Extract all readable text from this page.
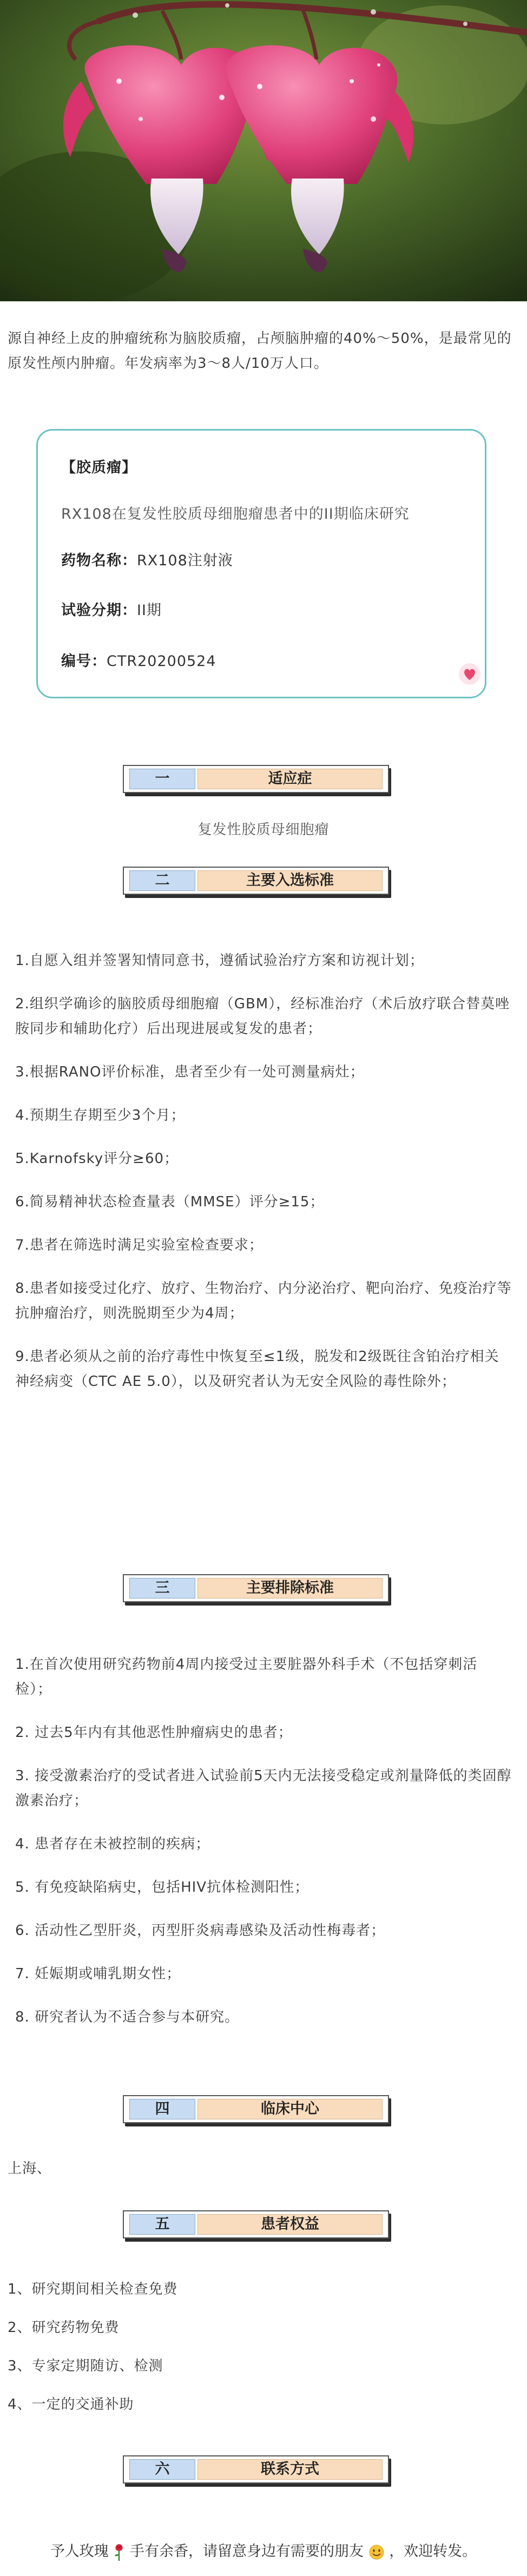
源自神经上皮的肿瘤统称为脑胶质瘤，占颅脑肿瘤的40%～50%，是最常见的原发性颅内肿瘤。年发病率为3～8人/10万人口。

【胶质瘤】
RX108在复发性胶质母细胞瘤患者中的II期临床研究
药物名称：RX108注射液
试验分期：II期
编号：CTR20200524
一	适应症
复发性胶质母细胞瘤
二	主要入选标准

1.自愿入组并签署知情同意书，遵循试验治疗方案和访视计划；

2.组织学确诊的脑胶质母细胞瘤（GBM），经标准治疗（术后放疗联合替莫唑胺同步和辅助化疗）后出现进展或复发的患者；

3.根据RANO评价标准，患者至少有一处可测量病灶；

4.预期生存期至少3个月；

5.Karnofsky评分≥60；

6.简易精神状态检查量表（MMSE）评分≥15；

7.患者在筛选时满足实验室检查要求；

8.患者如接受过化疗、放疗、生物治疗、内分泌治疗、靶向治疗、免疫治疗等抗肿瘤治疗，则洗脱期至少为4周；

9.患者必须从之前的治疗毒性中恢复至≤1级，脱发和2级既往含铂治疗相关神经病变（CTC AE 5.0），以及研究者认为无安全风险的毒性除外；

三	主要排除标准

1.在首次使用研究药物前4周内接受过主要脏器外科手术（不包括穿刺活检）；

2. 过去5年内有其他恶性肿瘤病史的患者；

3. 接受激素治疗的受试者进入试验前5天内无法接受稳定或剂量降低的类固醇激素治疗；

4. 患者存在未被控制的疾病；

5. 有免疫缺陷病史，包括HIV抗体检测阳性；

6. 活动性乙型肝炎，丙型肝炎病毒感染及活动性梅毒者；

7. 妊娠期或哺乳期女性；

8. 研究者认为不适合参与本研究。

四	临床中心
上海、
五	患者权益

1、研究期间相关检查免费

2、研究药物免费

3、专家定期随访、检测

4、一定的交通补助

六	联系方式
予人玫瑰 手有余香，请留意身边有需要的朋友 ，欢迎转发。
